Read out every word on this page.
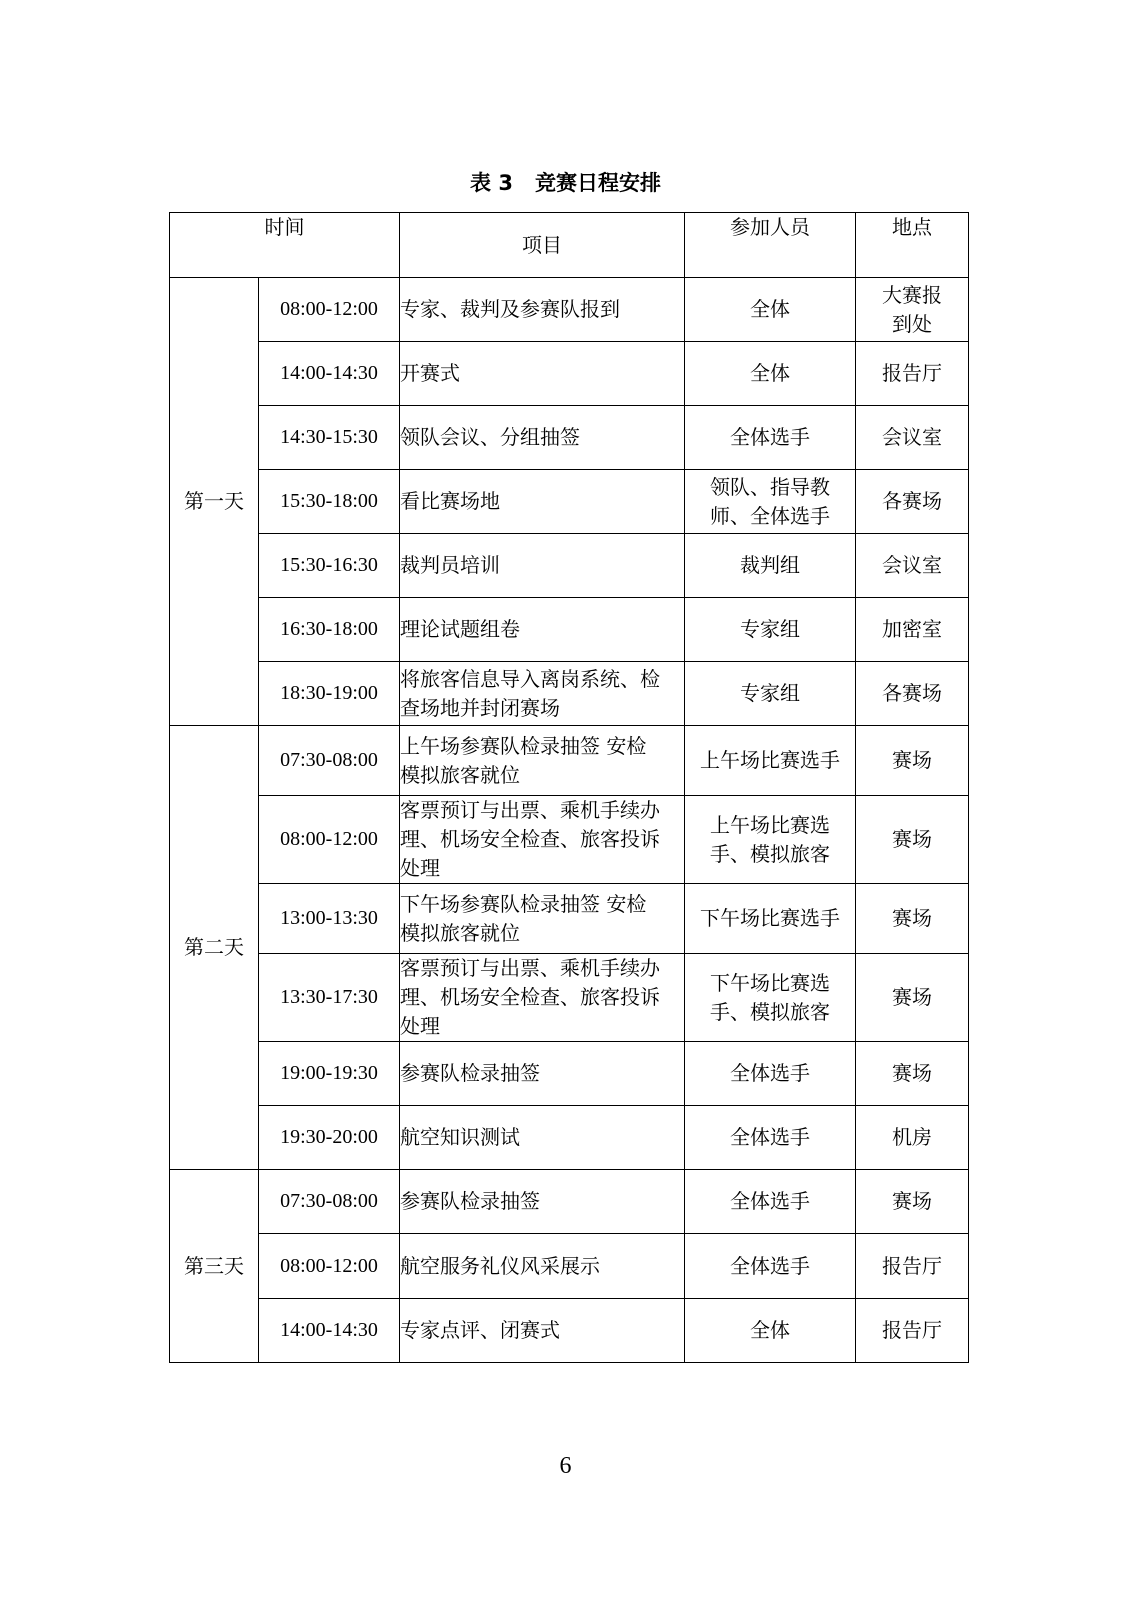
表 3 竞赛日程安排
时间		项目	参加人员	地点
第一天	08:00-12:00	专家、裁判及参赛队报到	全体	大赛报到处
	14:00-14:30	开赛式	全体	报告厅
	14:30-15:30	领队会议、分组抽签	全体选手	会议室
	15:30-18:00	看比赛场地	领队、指导教师、全体选手	各赛场
	15:30-16:30	裁判员培训	裁判组	会议室
	16:30-18:00	理论试题组卷	专家组	加密室
	18:30-19:00	将旅客信息导入离岗系统、检查场地并封闭赛场	专家组	各赛场
第二天	07:30-08:00	上午场参赛队检录抽签 安检模拟旅客就位	上午场比赛选手	赛场
	08:00-12:00	客票预订与出票、乘机手续办理、机场安全检查、旅客投诉处理	上午场比赛选手、模拟旅客	赛场
	13:00-13:30	下午场参赛队检录抽签 安检模拟旅客就位	下午场比赛选手	赛场
	13:30-17:30	客票预订与出票、乘机手续办理、机场安全检查、旅客投诉处理	下午场比赛选手、模拟旅客	赛场
	19:00-19:30	参赛队检录抽签	全体选手	赛场
	19:30-20:00	航空知识测试	全体选手	机房
第三天	07:30-08:00	参赛队检录抽签	全体选手	赛场
	08:00-12:00	航空服务礼仪风采展示	全体选手	报告厅
	14:00-14:30	专家点评、闭赛式	全体	报告厅
6
